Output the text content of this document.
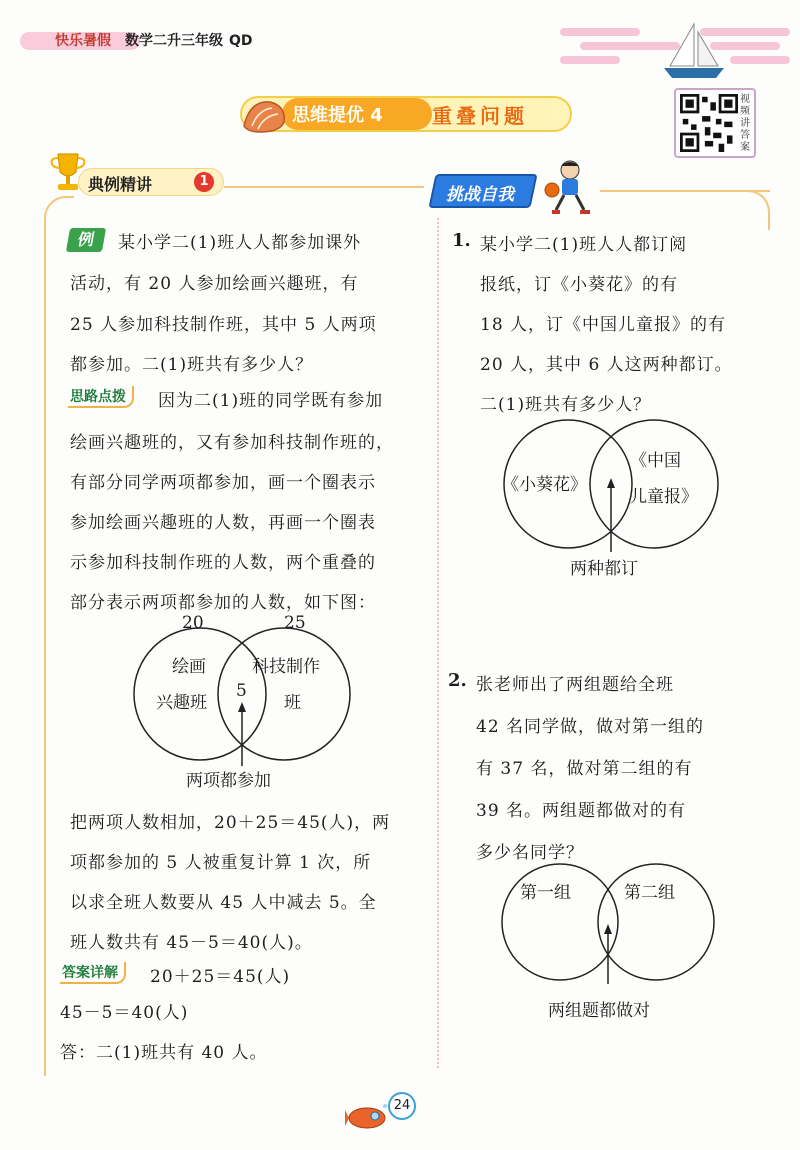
快乐暑假 数学二升三年级 QD
思维提优 4 重叠问题
视频讲答案
典例精讲	1
挑战自我
例	某小学二(1)班人人都参加课外
活动，有 20 人参加绘画兴趣班，有
25 人参加科技制作班，其中 5 人两项
都参加。二(1)班共有多少人？
思路点拨	因为二(1)班的同学既有参加
绘画兴趣班的，又有参加科技制作班的，
有部分同学两项都参加，画一个圈表示
参加绘画兴趣班的人数，再画一个圈表
示参加科技制作班的人数，两个重叠的
部分表示两项都参加的人数，如下图：
20	25
绘画
兴趣班
科技制作
班
5
两项都参加
把两项人数相加，20＋25＝45(人)，两
项都参加的 5 人被重复计算 1 次，所
以求全班人数要从 45 人中减去 5。全
班人数共有 45－5＝40(人)。
答案详解	20＋25＝45(人)
45－5＝40(人)
答：二(1)班共有 40 人。
1. 某小学二(1)班人人都订阅
报纸，订《小葵花》的有
18 人，订《中国儿童报》的有
20 人，其中 6 人这两种都订。
二(1)班共有多少人？
《小葵花》
《中国
儿童报》
两种都订
2. 张老师出了两组题给全班
42 名同学做，做对第一组的
有 37 名，做对第二组的有
39 名。两组题都做对的有
多少名同学？
第一组	第二组
两组题都做对
24
